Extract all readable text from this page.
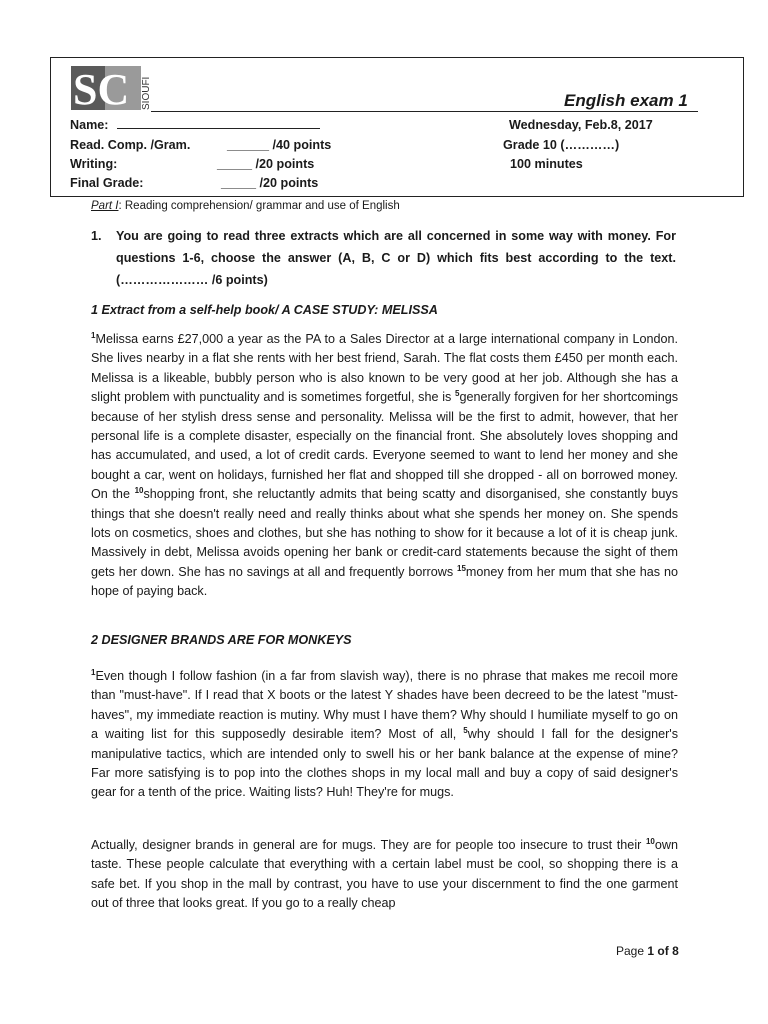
SC SIOUFI	English exam 1
Name:	Wednesday, Feb.8, 2017
Read. Comp. /Gram.	______ /40 points	Grade 10 (…………)
Writing:	_____ /20 points	100 minutes
Final Grade:	_____ /20 points
Part I: Reading comprehension/ grammar and use of English
1.	You are going to read three extracts which are all concerned in some way with money. For questions 1-6, choose the answer (A, B, C or D) which fits best according to the text. (………………… /6 points)
1 Extract from a self-help book/ A CASE STUDY: MELISSA
$^1$Melissa earns £27,000 a year as the PA to a Sales Director at a large international company in London. She lives nearby in a flat she rents with her best friend, Sarah. The flat costs them £450 per month each. Melissa is a likeable, bubbly person who is also known to be very good at her job. Although she has a slight problem with punctuality and is sometimes forgetful, she is $^5$generally forgiven for her shortcomings because of her stylish dress sense and personality. Melissa will be the first to admit, however, that her personal life is a complete disaster, especially on the financial front. She absolutely loves shopping and has accumulated, and used, a lot of credit cards. Everyone seemed to want to lend her money and she bought a car, went on holidays, furnished her flat and shopped till she dropped - all on borrowed money. On the $^{10}$shopping front, she reluctantly admits that being scatty and disorganised, she constantly buys things that she doesn't really need and really thinks about what she spends her money on. She spends lots on cosmetics, shoes and clothes, but she has nothing to show for it because a lot of it is cheap junk. Massively in debt, Melissa avoids opening her bank or credit-card statements because the sight of them gets her down. She has no savings at all and frequently borrows $^{15}$money from her mum that she has no hope of paying back.
2 DESIGNER BRANDS ARE FOR MONKEYS
$^1$Even though I follow fashion (in a far from slavish way), there is no phrase that makes me recoil more than "must-have". If I read that X boots or the latest Y shades have been decreed to be the latest "must-haves", my immediate reaction is mutiny. Why must I have them? Why should I humiliate myself to go on a waiting list for this supposedly desirable item? Most of all, $^5$why should I fall for the designer's manipulative tactics, which are intended only to swell his or her bank balance at the expense of mine? Far more satisfying is to pop into the clothes shops in my local mall and buy a copy of said designer's gear for a tenth of the price. Waiting lists? Huh! They're for mugs.
Actually, designer brands in general are for mugs. They are for people too insecure to trust their $^{10}$own taste. These people calculate that everything with a certain label must be cool, so shopping there is a safe bet. If you shop in the mall by contrast, you have to use your discernment to find the one garment out of three that looks great. If you go to a really cheap
Page 1 of 8
